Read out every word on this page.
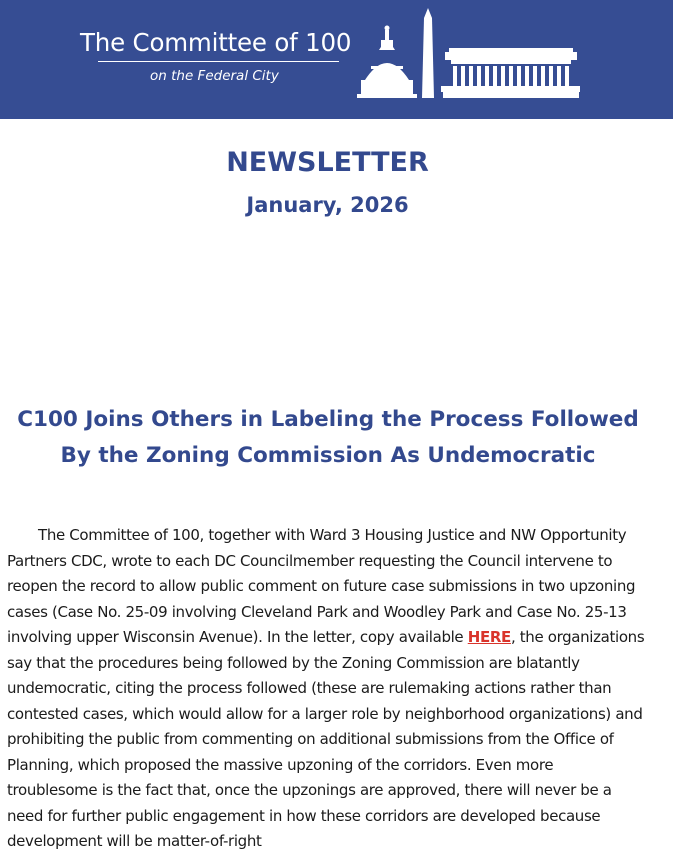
The Committee of 100
on the Federal City
NEWSLETTER
January, 2026
C100 Joins Others in Labeling the Process Followed By the Zoning Commission As Undemocratic
The Committee of 100, together with Ward 3 Housing Justice and NW Opportunity Partners CDC, wrote to each DC Councilmember requesting the Council intervene to reopen the record to allow public comment on future case submissions in two upzoning cases (Case No. 25-09 involving Cleveland Park and Woodley Park and Case No. 25-13 involving upper Wisconsin Avenue). In the letter, copy available HERE, the organizations say that the procedures being followed by the Zoning Commission are blatantly undemocratic, citing the process followed (these are rulemaking actions rather than contested cases, which would allow for a larger role by neighborhood organizations) and prohibiting the public from commenting on additional submissions from the Office of Planning, which proposed the massive upzoning of the corridors. Even more troublesome is the fact that, once the upzonings are approved, there will never be a need for further public engagement in how these corridors are developed because development will be matter-of-right
